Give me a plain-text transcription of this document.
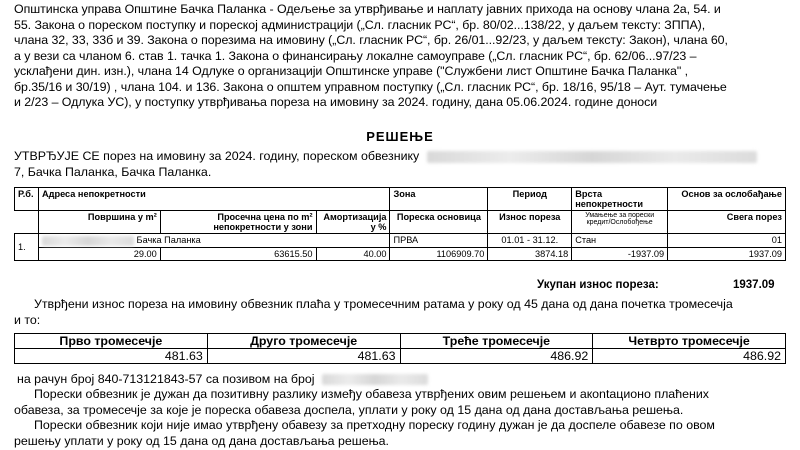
Општинска управа Општине Бачка Паланка - Одељење за утврђивање и наплату јавних прихода на основу члана 2а, 54. и
55. Закона о пореском поступку и пореској администрацији („Сл. гласник РС“, бр. 80/02...138/22, у даљем тексту: ЗППА),
члана 32, 33, 33б и 39. Закона о порезима на имовину („Сл. гласник РС“, бр. 26/01...92/23, у даљем тексту: Закон), члана 60,
а у вези са чланом 6. став 1. тачка 1. Закона о финансирању локалне самоуправе („Сл. гласник РС“, бр. 62/06...97/23 –
усклађени дин. изн.), члана 14 Одлуке о организацији Општинске управе ("Службени лист Општине Бачка Паланка" ,
бр.35/16 и 30/19) , члана 104. и 136. Закона о општем управном поступку („Сл. гласник РС“, бр. 18/16, 95/18 – Аут. тумачење
и 2/23 – Одлука УС), у поступку утврђивања пореза на имовину за 2024. годину, дана 05.06.2024. године доноси
РЕШЕЊЕ
УТВРЂУЈЕ СЕ порез на имовину за 2024. годину, пореском обвезнику
7, Бачка Паланка, Бачка Паланка.
Р.б.	Адреса непокретности			Зона	Период	Врста непокретности	Основ за ослобађање
	Површина у m²	Просечна цена по m² непокретности у зони	Амортизација у %	Пореска основица	Износ пореза	Умањење за порески кредит/Ослобођење	Свега порез
1.	Бачка Паланка			ПРВА	01.01 - 31.12.	Стан	01
	29.00	63615.50	40.00	1106909.70	3874.18	-1937.09	1937.09
Укупан износ пореза:	1937.09
Утврђени износ пореза на имовину обвезник плаћа у тромесечним ратама у року од 45 дана од дана почетка тромесечја
и то:
Прво тромесечје	Друго тромесечје	Треће тромесечје	Четврто тромесечје
481.63	481.63	486.92	486.92
на рачун број 840-713121843-57 са позивом на број
Порески обвезник је дужан да позитивну разлику између обавеза утврђених овим решењем и акontационо плаћених
обавеза, за тромесечје за које је пореска обавеза доспела, уплати у року од 15 дана од дана достављања решења.
Порески обвезник који није имао утврђену обавезу за претходну пореску годину дужан је да доспеле обавезе по овом
решењу уплати у року од 15 дана од дана достављања решења.
